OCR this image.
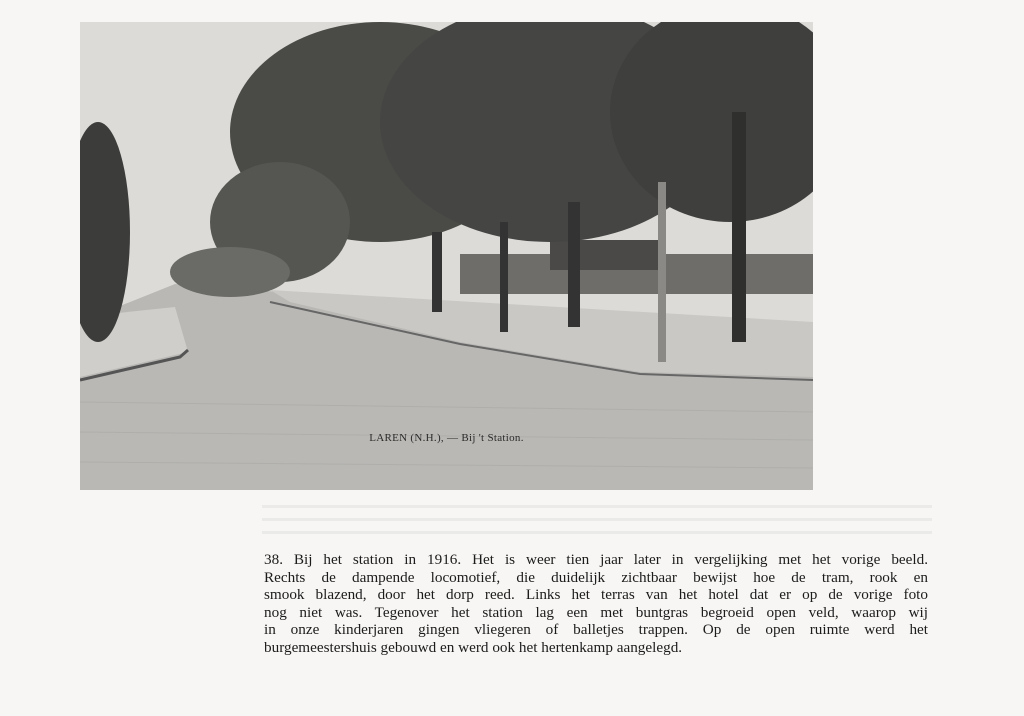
LAREN (N.H.), — Bij 't Station.
38. Bij het station in 1916. Het is weer tien jaar later in vergelijking met het vorige beeld.
Rechts de dampende locomotief, die duidelijk zichtbaar bewijst hoe de tram, rook en
smook blazend, door het dorp reed. Links het terras van het hotel dat er op de vorige foto
nog niet was. Tegenover het station lag een met buntgras begroeid open veld, waarop wij
in onze kinderjaren gingen vliegeren of balletjes trappen. Op de open ruimte werd het
burgemeestershuis gebouwd en werd ook het hertenkamp aangelegd.
